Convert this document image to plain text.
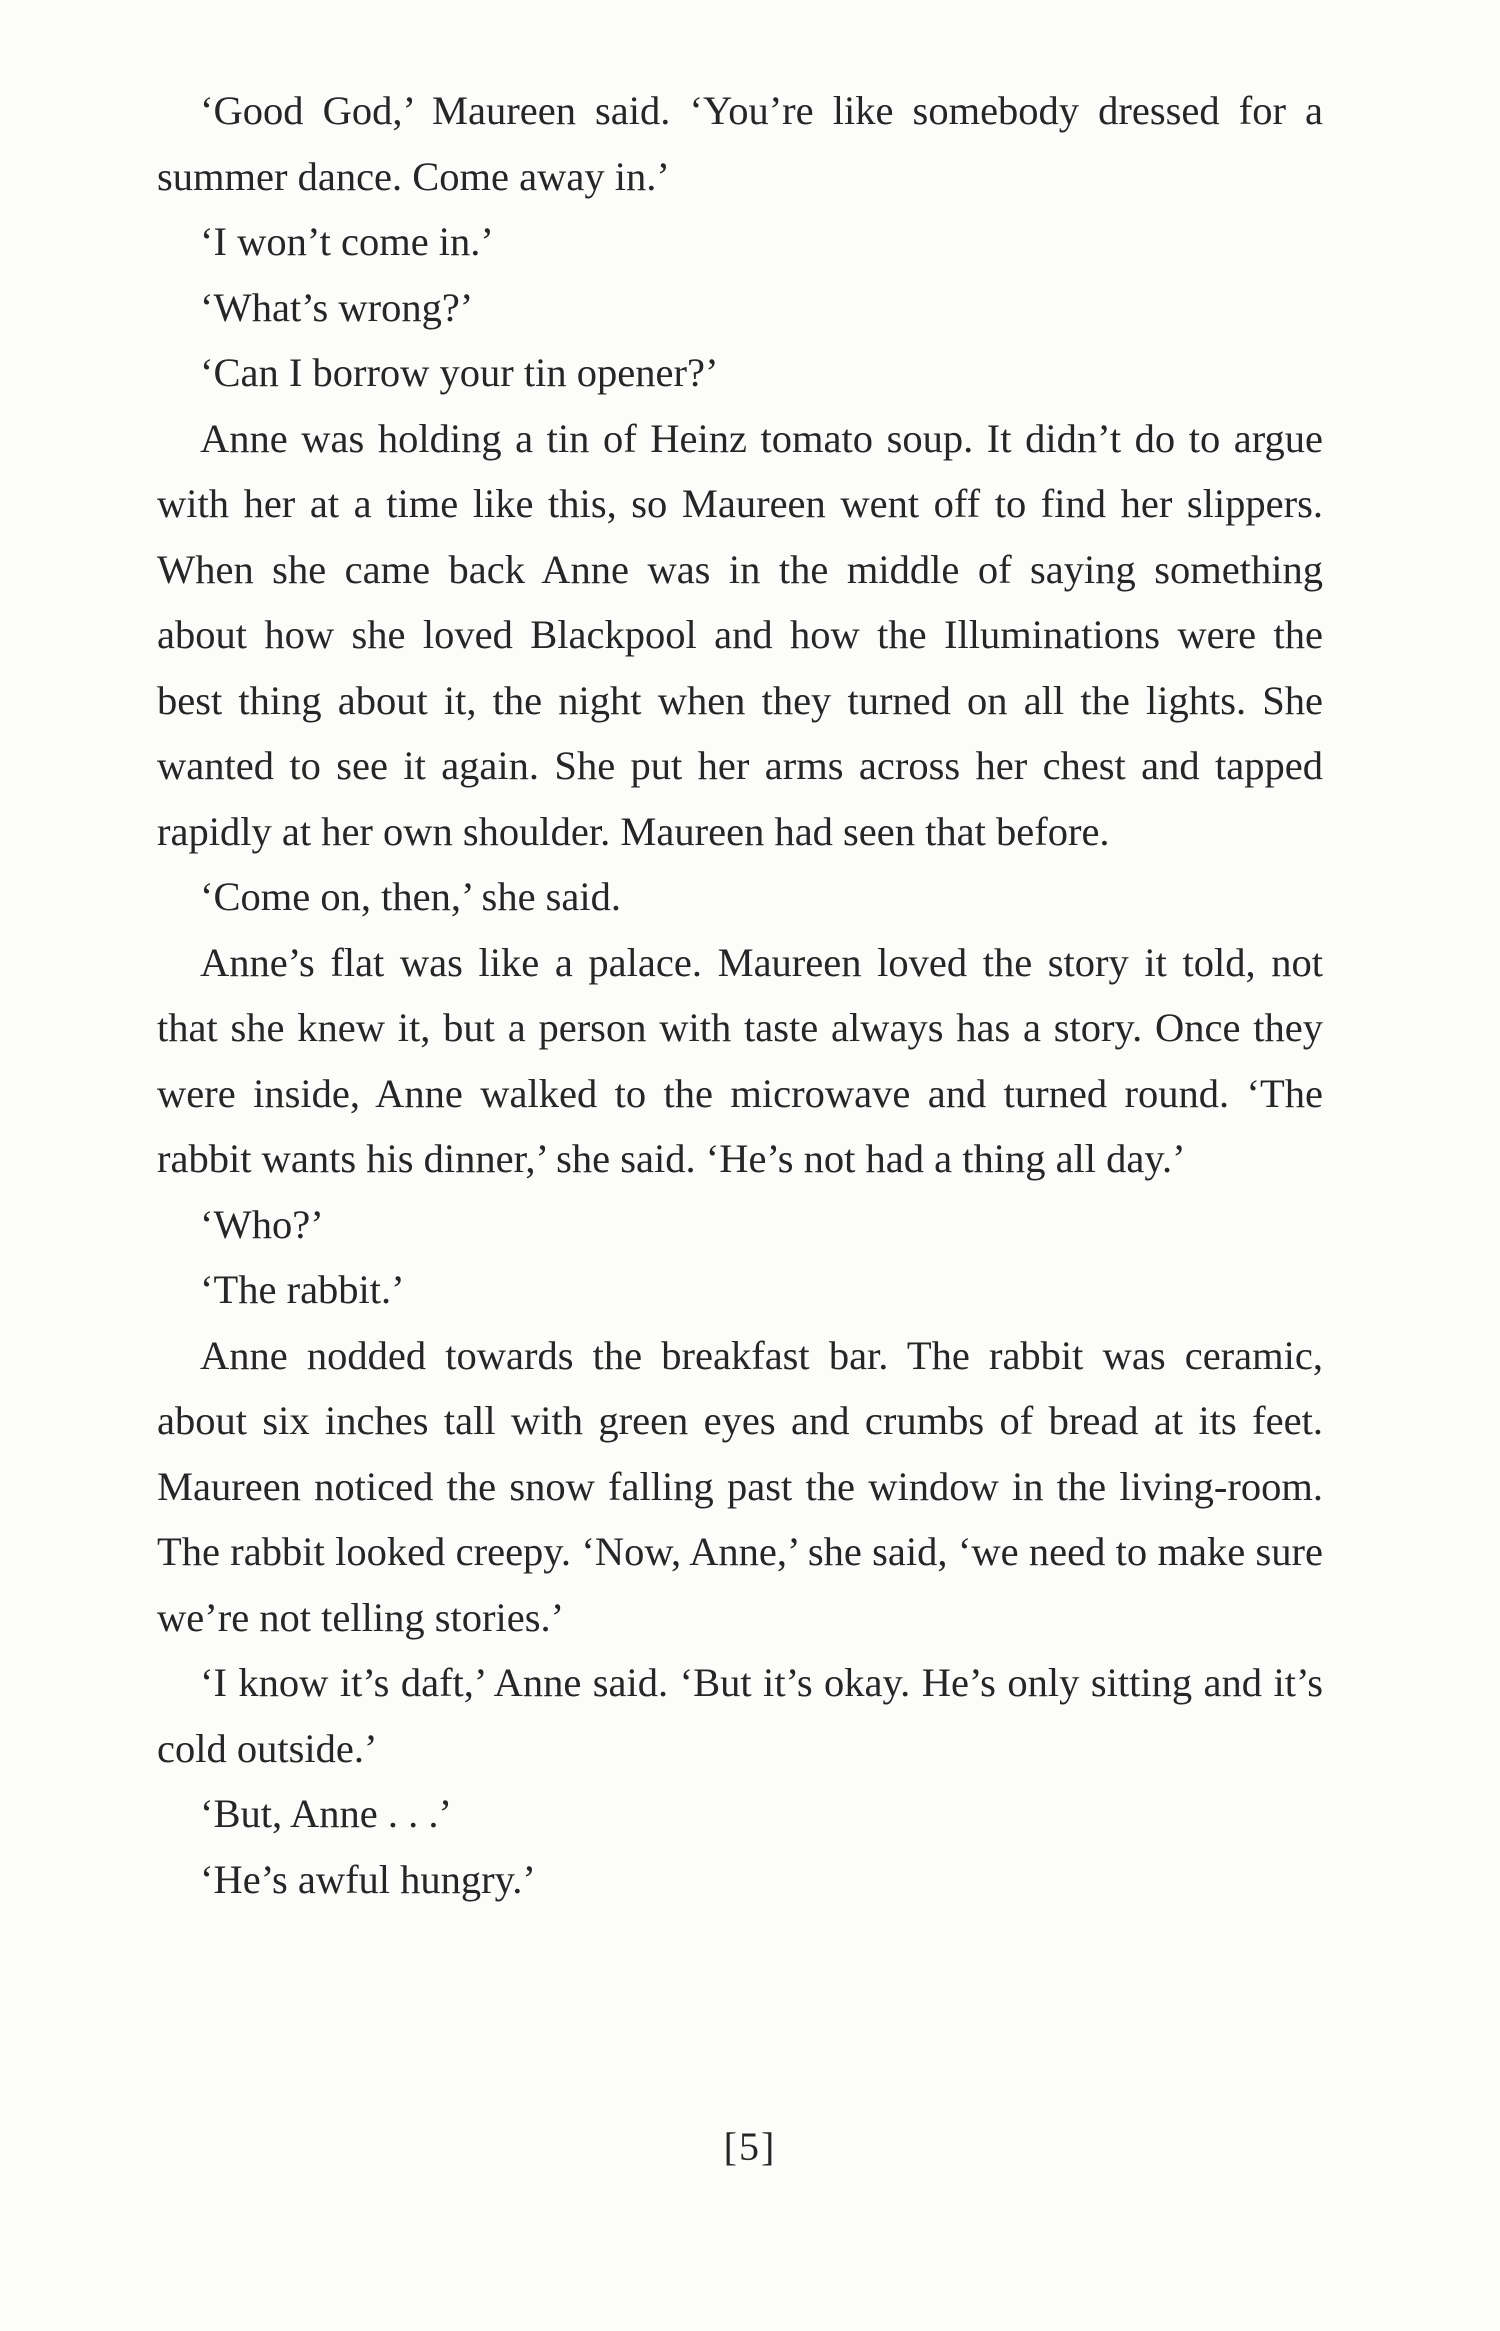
‘Good God,’ Maureen said. ‘You’re like somebody dressed for a summer dance. Come away in.’

‘I won’t come in.’

‘What’s wrong?’

‘Can I borrow your tin opener?’

Anne was holding a tin of Heinz tomato soup. It didn’t do to argue with her at a time like this, so Maureen went off to find her slippers. When she came back Anne was in the middle of saying something about how she loved Blackpool and how the Illuminations were the best thing about it, the night when they turned on all the lights. She wanted to see it again. She put her arms across her chest and tapped rapidly at her own shoulder. Maureen had seen that before.

‘Come on, then,’ she said.

Anne’s flat was like a palace. Maureen loved the story it told, not that she knew it, but a person with taste always has a story. Once they were inside, Anne walked to the microwave and turned round. ‘The rabbit wants his dinner,’ she said. ‘He’s not had a thing all day.’

‘Who?’

‘The rabbit.’

Anne nodded towards the breakfast bar. The rabbit was ceramic, about six inches tall with green eyes and crumbs of bread at its feet. Maureen noticed the snow falling past the window in the living-room. The rabbit looked creepy. ‘Now, Anne,’ she said, ‘we need to make sure we’re not telling stories.’

‘I know it’s daft,’ Anne said. ‘But it’s okay. He’s only sitting and it’s cold outside.’

‘But, Anne . . .’

‘He’s awful hungry.’

[5]
